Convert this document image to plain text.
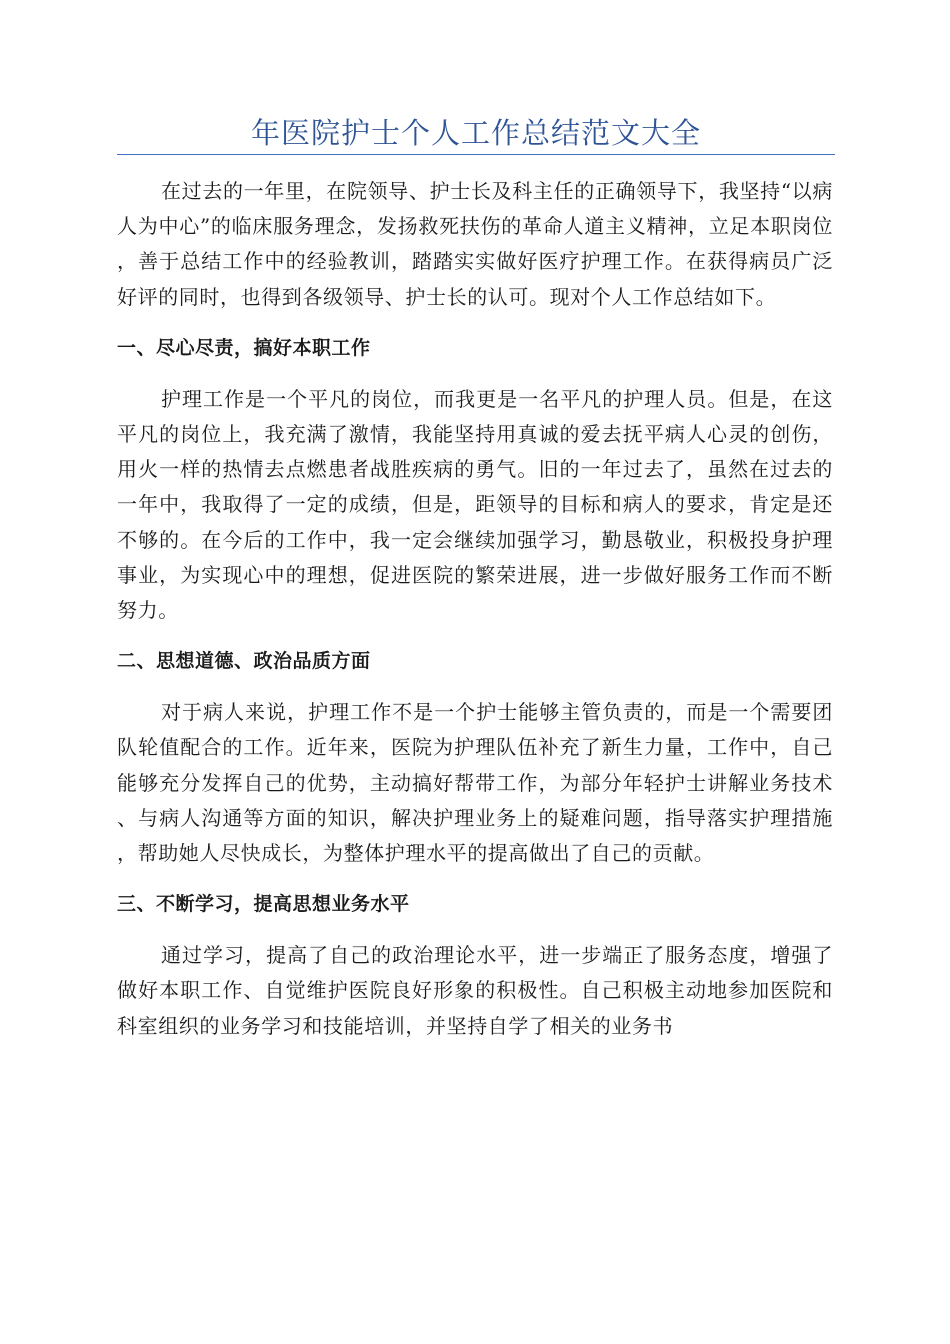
年医院护士个人工作总结范文大全

在过去的一年里，在院领导、护士长及科主任的正确领导下，我坚持“以病人为中心”的临床服务理念，发扬救死扶伤的革命人道主义精神，立足本职岗位，善于总结工作中的经验教训，踏踏实实做好医疗护理工作。在获得病员广泛好评的同时，也得到各级领导、护士长的认可。现对个人工作总结如下。

一、尽心尽责，搞好本职工作

护理工作是一个平凡的岗位，而我更是一名平凡的护理人员。但是，在这平凡的岗位上，我充满了激情，我能坚持用真诚的爱去抚平病人心灵的创伤，用火一样的热情去点燃患者战胜疾病的勇气。旧的一年过去了，虽然在过去的一年中，我取得了一定的成绩，但是，距领导的目标和病人的要求，肯定是还不够的。在今后的工作中，我一定会继续加强学习，勤恳敬业，积极投身护理事业，为实现心中的理想，促进医院的繁荣进展，进一步做好服务工作而不断努力。

二、思想道德、政治品质方面

对于病人来说，护理工作不是一个护士能够主管负责的，而是一个需要团队轮值配合的工作。近年来，医院为护理队伍补充了新生力量，工作中，自己能够充分发挥自己的优势，主动搞好帮带工作，为部分年轻护士讲解业务技术、与病人沟通等方面的知识，解决护理业务上的疑难问题，指导落实护理措施，帮助她人尽快成长，为整体护理水平的提高做出了自己的贡献。

三、不断学习，提高思想业务水平

通过学习，提高了自己的政治理论水平，进一步端正了服务态度，增强了做好本职工作、自觉维护医院良好形象的积极性。自己积极主动地参加医院和科室组织的业务学习和技能培训，并坚持自学了相关的业务书
